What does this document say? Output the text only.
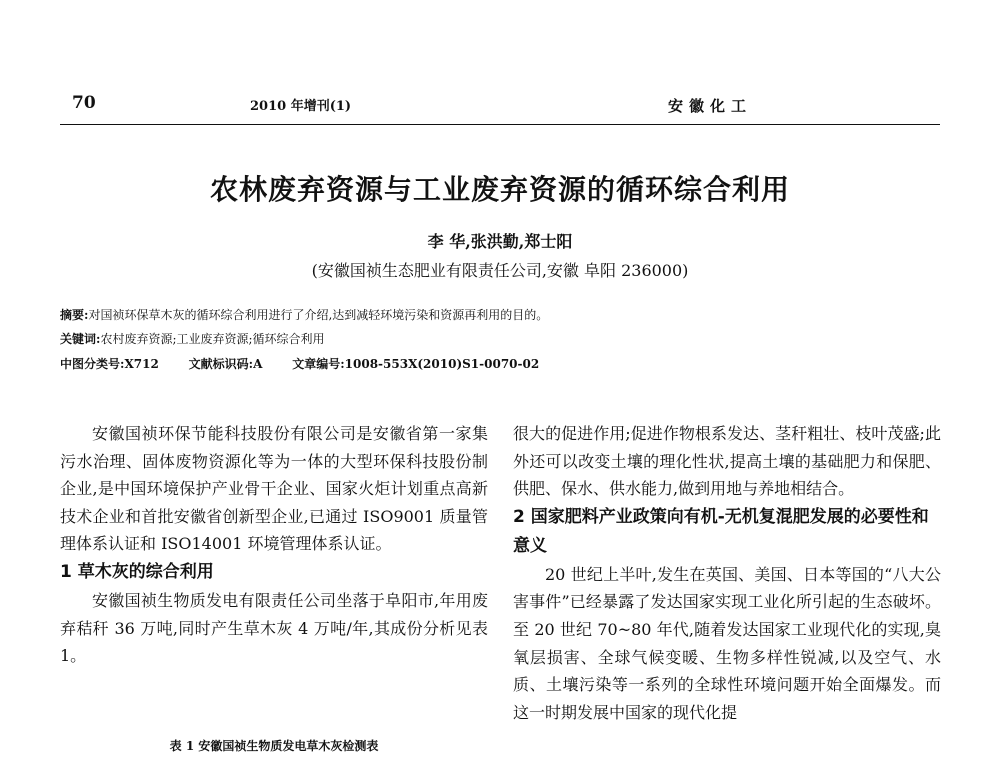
70	2010 年增刊(1)	安徽化工
农林废弃资源与工业废弃资源的循环综合利用
李 华,张洪勤,郑士阳
(安徽国祯生态肥业有限责任公司,安徽 阜阳 236000)
摘要:对国祯环保草木灰的循环综合利用进行了介绍,达到减轻环境污染和资源再利用的目的。
关键词:农村废弃资源;工业废弃资源;循环综合利用
中图分类号:X712 文献标识码:A 文章编号:1008-553X(2010)S1-0070-02

安徽国祯环保节能科技股份有限公司是安徽省第一家集污水治理、固体废物资源化等为一体的大型环保科技股份制企业,是中国环境保护产业骨干企业、国家火炬计划重点高新技术企业和首批安徽省创新型企业,已通过 ISO9001 质量管理体系认证和 ISO14001 环境管理体系认证。

1 草木灰的综合利用

安徽国祯生物质发电有限责任公司坐落于阜阳市,年用废弃秸秆 36 万吨,同时产生草木灰 4 万吨/年,其成份分析见表 1。

表 1 安徽国祯生物质发电草木灰检测表

很大的促进作用;促进作物根系发达、茎秆粗壮、枝叶茂盛;此外还可以改变土壤的理化性状,提高土壤的基础肥力和保肥、供肥、保水、供水能力,做到用地与养地相结合。

2 国家肥料产业政策向有机-无机复混肥发展的必要性和意义

20 世纪上半叶,发生在英国、美国、日本等国的“八大公害事件”已经暴露了发达国家实现工业化所引起的生态破坏。至 20 世纪 70~80 年代,随着发达国家工业现代化的实现,臭氧层损害、全球气候变暖、生物多样性锐减,以及空气、水质、土壤污染等一系列的全球性环境问题开始全面爆发。而这一时期发展中国家的现代化提
